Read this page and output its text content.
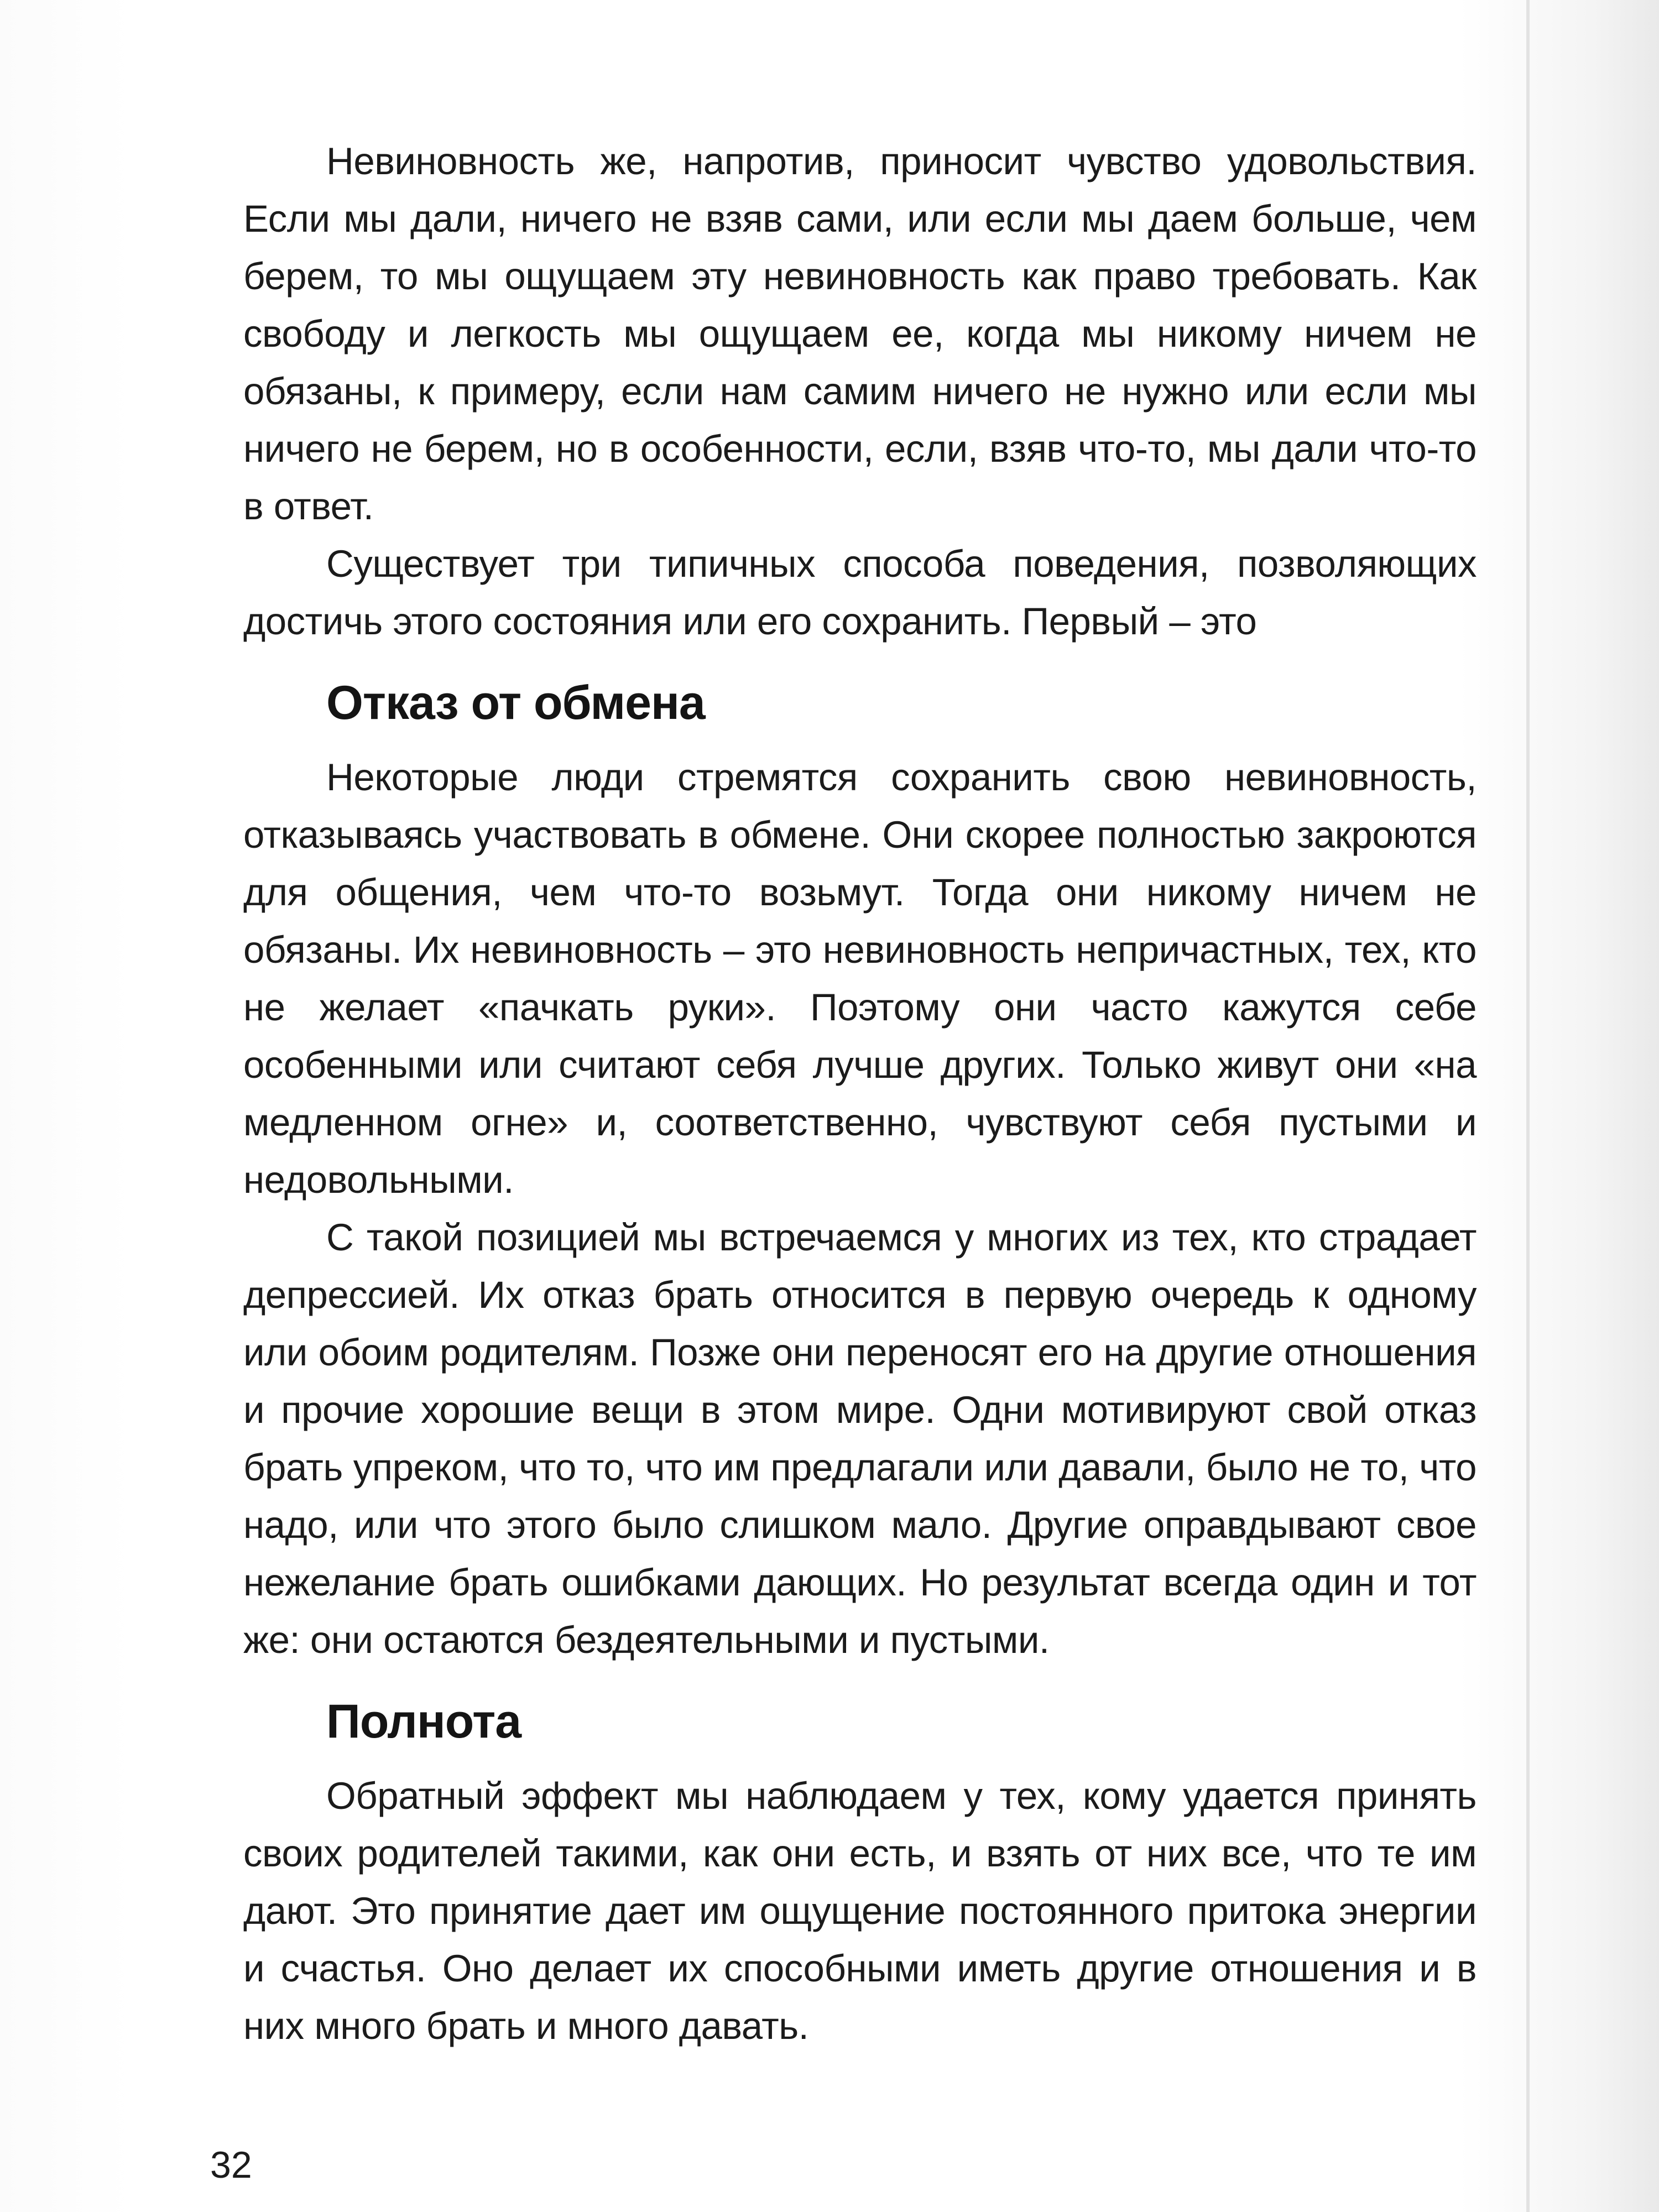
Невиновность же, напротив, приносит чувство удовольствия. Если мы дали, ничего не взяв сами, или если мы даем больше, чем берем, то мы ощущаем эту невиновность как право требовать. Как свободу и легкость мы ощущаем ее, когда мы никому ничем не обязаны, к примеру, если нам самим ничего не нужно или если мы ничего не берем, но в особенности, если, взяв что-то, мы дали что-то в ответ.

Существует три типичных способа поведения, позволяющих достичь этого состояния или его сохранить. Первый – это

Отказ от обмена

Некоторые люди стремятся сохранить свою невиновность, отказываясь участвовать в обмене. Они скорее полностью закроются для общения, чем что-то возьмут. Тогда они никому ничем не обязаны. Их невиновность – это невиновность непричастных, тех, кто не желает «пачкать руки». Поэтому они часто кажутся себе особенными или считают себя лучше других. Только живут они «на медленном огне» и, соответственно, чувствуют себя пустыми и недовольными.

С такой позицией мы встречаемся у многих из тех, кто страдает депрессией. Их отказ брать относится в первую очередь к одному или обоим родителям. Позже они переносят его на другие отношения и прочие хорошие вещи в этом мире. Одни мотивируют свой отказ брать упреком, что то, что им предлагали или давали, было не то, что надо, или что этого было слишком мало. Другие оправдывают свое нежелание брать ошибками дающих. Но результат всегда один и тот же: они остаются бездеятельными и пустыми.

Полнота

Обратный эффект мы наблюдаем у тех, кому удается принять своих родителей такими, как они есть, и взять от них все, что те им дают. Это принятие дает им ощущение постоянного притока энергии и счастья. Оно делает их способными иметь другие отношения и в них много брать и много давать.

32
